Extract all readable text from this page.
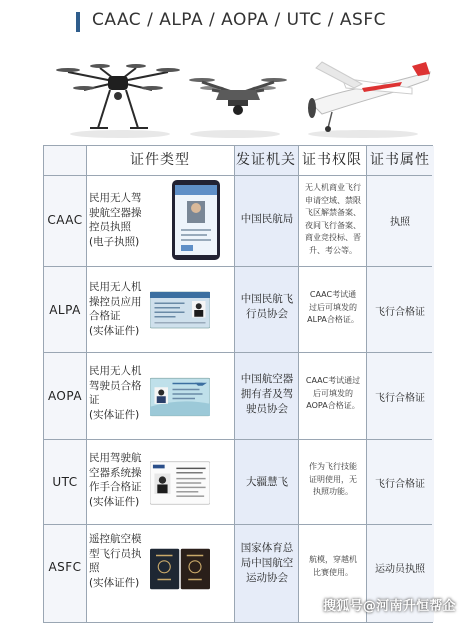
CAAC / ALPA / AOPA / UTC / ASFC
证件类型	发证机关 证书权限 证书属性
CAAC
民用无人驾
驶航空器操
控员执照
(电子执照)
中国民航局
无人机商业飞行
申请空域、禁限
飞区解禁备案、
夜间飞行备案、
商业竞投标、晋
升、考公等。
执照
ALPA
民用无人机
操控员应用
合格证
(实体证件)
中国民航飞
行员协会
CAAC考试通
过后可填发的
ALPA合格证。
飞行合格证
AOPA
民用无人机
驾驶员合格
证
(实体证件)
中国航空器
拥有者及驾
驶员协会
CAAC考试通过
后可填发的
AOPA合格证。
飞行合格证
UTC
民用驾驶航
空器系统操
作手合格证
(实体证件)
大疆慧飞
作为飞行技能
证明使用，无
执照功能。
飞行合格证
ASFC
遥控航空模
型飞行员执
照
(实体证件)
国家体育总
局中国航空
运动协会
航模，穿越机
比赛使用。	运动员执照
搜狐号@河南升恒帮企
